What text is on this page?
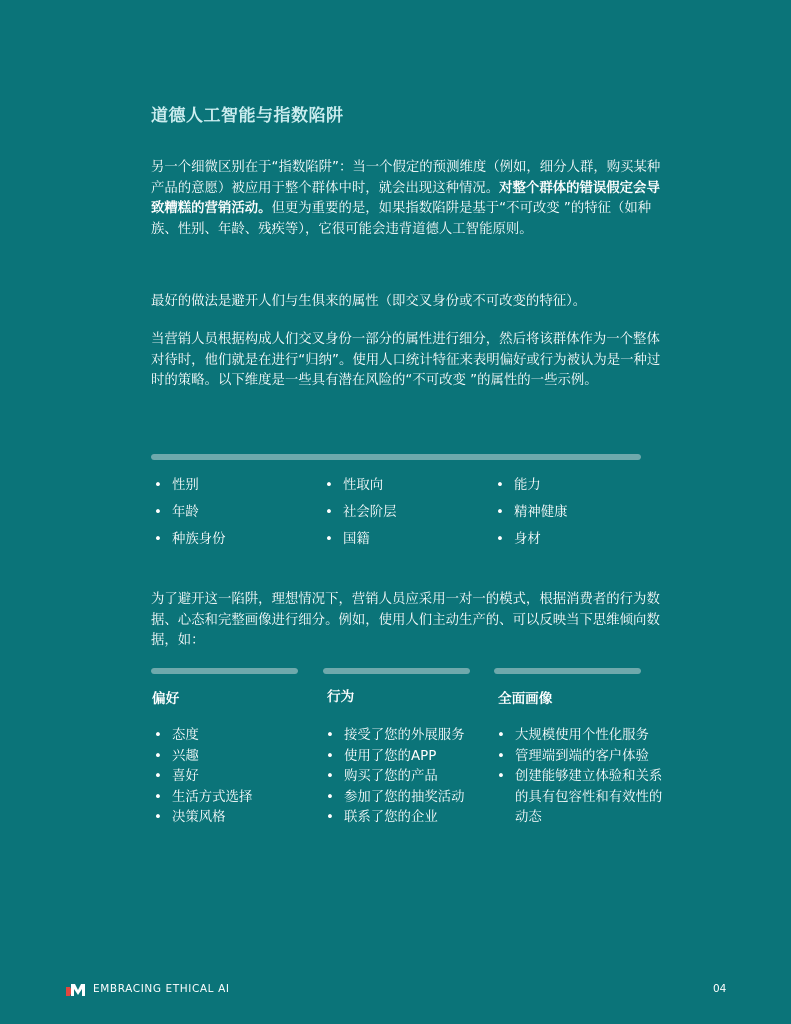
道德人工智能与指数陷阱
另一个细微区别在于“指数陷阱”：当一个假定的预测维度（例如，细分人群，购买某种产品的意愿）被应用于整个群体中时，就会出现这种情况。对整个群体的错误假定会导致糟糕的营销活动。但更为重要的是，如果指数陷阱是基于“不可改变 ”的特征（如种族、性别、年龄、残疾等），它很可能会违背道德人工智能原则。
最好的做法是避开人们与生俱来的属性（即交叉身份或不可改变的特征）。
当营销人员根据构成人们交叉身份一部分的属性进行细分，然后将该群体作为一个整体对待时，他们就是在进行“归纳”。使用人口统计特征来表明偏好或行为被认为是一种过时的策略。以下维度是一些具有潜在风险的“不可改变 ”的属性的一些示例。
• 性别
• 年龄
• 种族身份
• 性取向
• 社会阶层
• 国籍
• 能力
• 精神健康
• 身材
为了避开这一陷阱，理想情况下，营销人员应采用一对一的模式，根据消费者的行为数据、心态和完整画像进行细分。例如，使用人们主动生产的、可以反映当下思维倾向数据，如：
偏好	行为	全面画像
• 态度
• 兴趣
• 喜好
• 生活方式选择
• 决策风格
• 接受了您的外展服务
• 使用了您的APP
• 购买了您的产品
• 参加了您的抽奖活动
• 联系了您的企业
• 大规模使用个性化服务
• 管理端到端的客户体验
• 创建能够建立体验和关系的具有包容性和有效性的动态
EMBRACING ETHICAL AI	04
